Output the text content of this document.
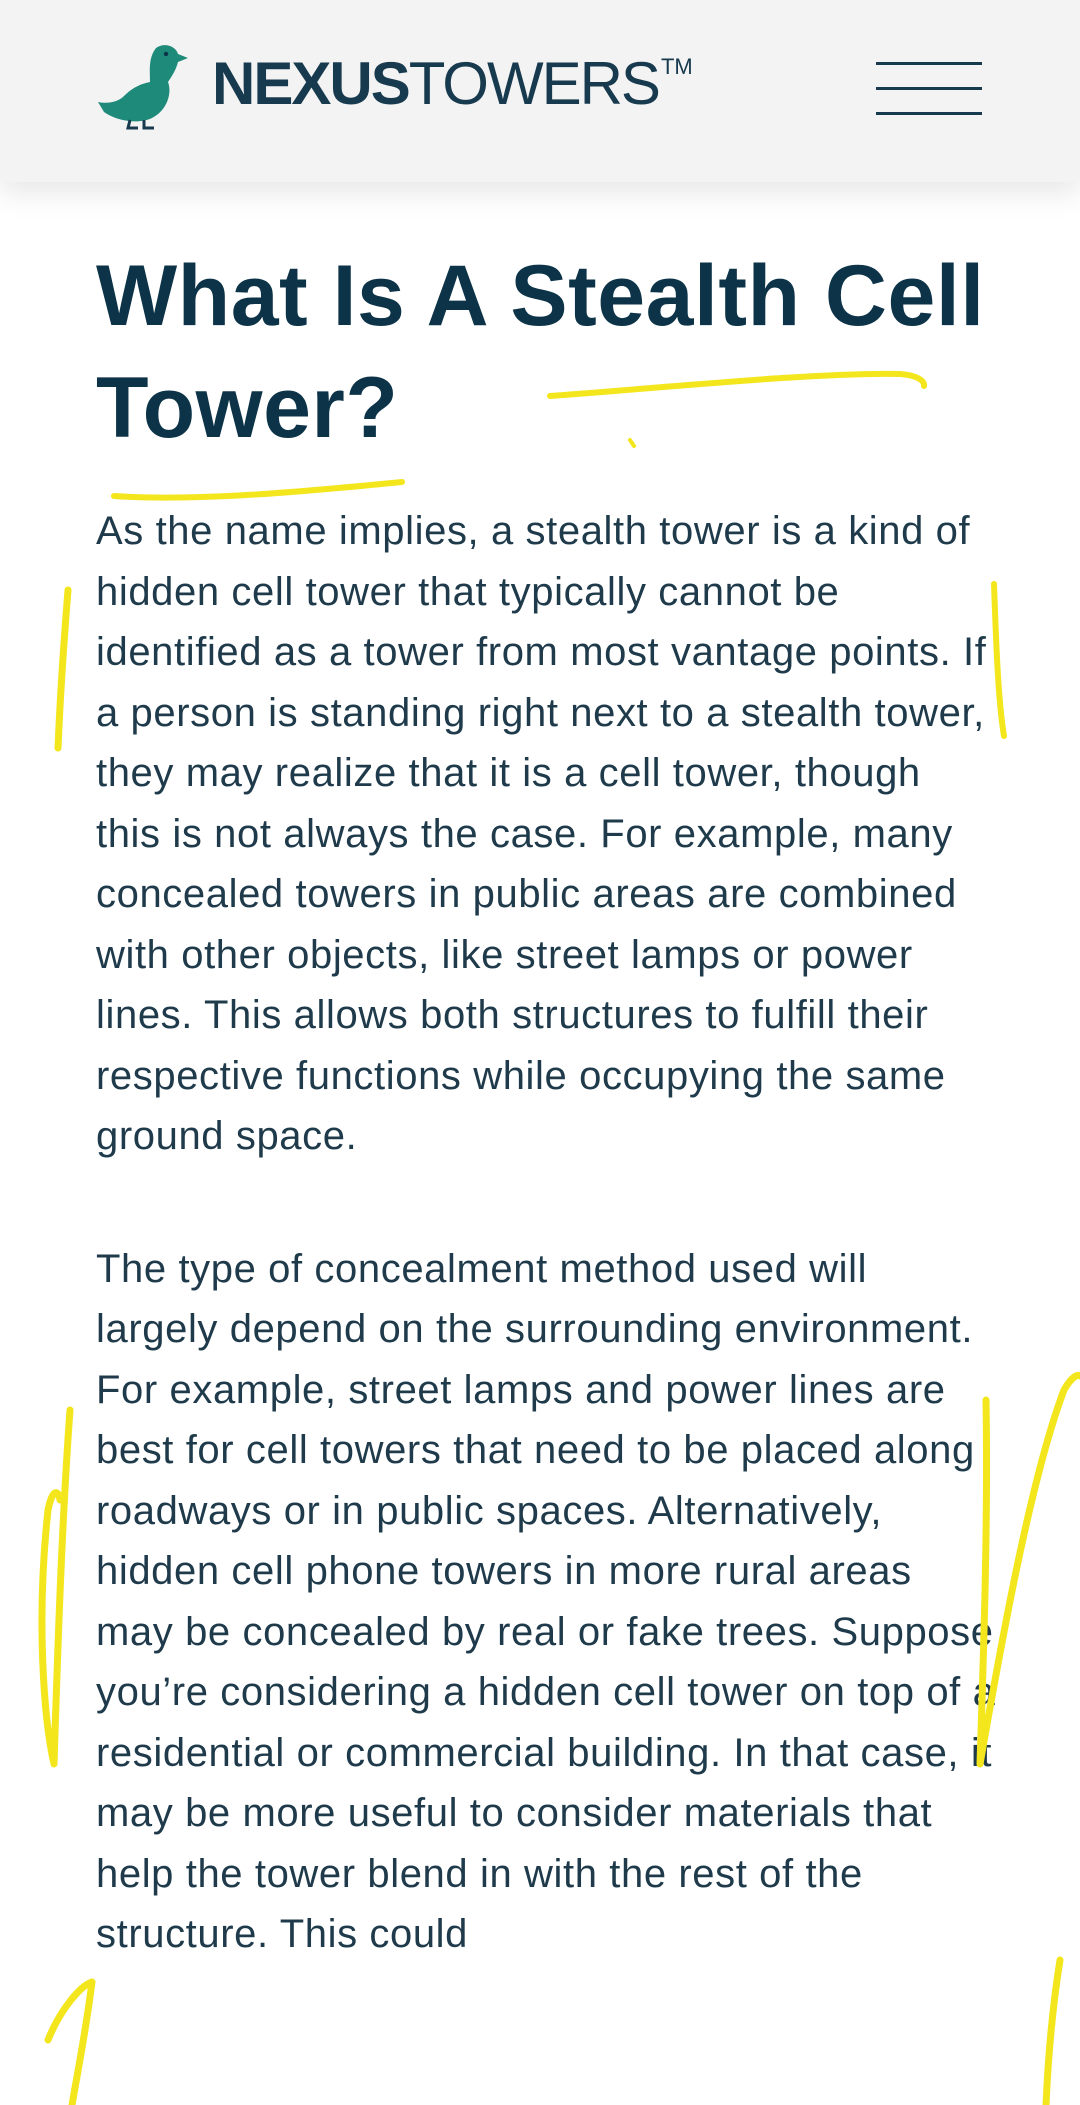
NEXUSTOWERS™
What Is A Stealth Cell Tower?

As the name implies, a stealth tower is a kind of hidden cell tower that typically cannot be identified as a tower from most vantage points. If a person is standing right next to a stealth tower, they may realize that it is a cell tower, though this is not always the case. For example, many concealed towers in public areas are combined with other objects, like street lamps or power lines. This allows both structures to fulfill their respective functions while occupying the same ground space.

The type of concealment method used will largely depend on the surrounding environment. For example, street lamps and power lines are best for cell towers that need to be placed along roadways or in public spaces. Alternatively, hidden cell phone towers in more rural areas may be concealed by real or fake trees. Suppose you’re considering a hidden cell tower on top of a residential or commercial building. In that case, it may be more useful to consider materials that help the tower blend in with the rest of the structure. This could
